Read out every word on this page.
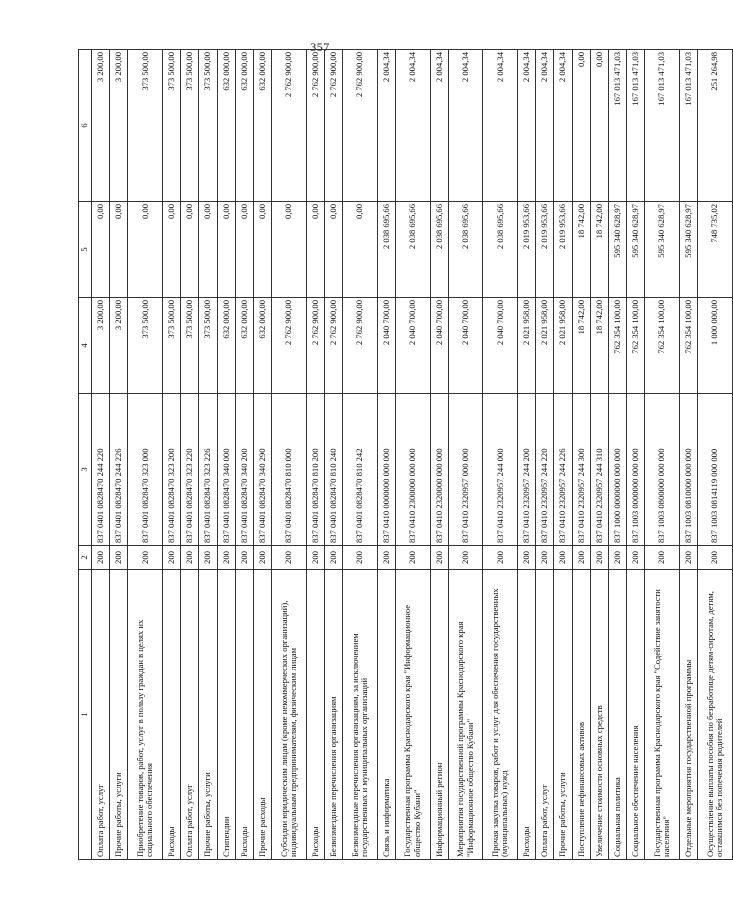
357
1	2	3	4	5	6
Оплата работ, услуг	200	837 0401 0828470 244 220	3 200,00	0,00	3 200,00
Прочие работы, услуги	200	837 0401 0828470 244 226	3 200,00	0,00	3 200,00
Приобретение товаров, работ, услуг в пользу граждан в целях их социального обеспечения	200	837 0401 0828470 323 000	373 500,00	0,00	373 500,00
Расходы	200	837 0401 0828470 323 200	373 500,00	0,00	373 500,00
Оплата работ, услуг	200	837 0401 0828470 323 220	373 500,00	0,00	373 500,00
Прочие работы, услуги	200	837 0401 0828470 323 226	373 500,00	0,00	373 500,00
Стипендии	200	837 0401 0828470 340 000	632 000,00	0,00	632 000,00
Расходы	200	837 0401 0828470 340 200	632 000,00	0,00	632 000,00
Прочие расходы	200	837 0401 0828470 340 290	632 000,00	0,00	632 000,00
Субсидии юридическим лицам (кроме некоммерческих организаций), индивидуальным предпринимателям, физическим лицам	200	837 0401 0828470 810 000	2 762 900,00	0,00	2 762 900,00
Расходы	200	837 0401 0828470 810 200	2 762 900,00	0,00	2 762 900,00
Безвозмездные перечисления организациям	200	837 0401 0828470 810 240	2 762 900,00	0,00	2 762 900,00
Безвозмездные перечисления организациям, за исключением государственных и муниципальных организаций	200	837 0401 0828470 810 242	2 762 900,00	0,00	2 762 900,00
Связь и информатика	200	837 0410 0000000 000 000	2 040 700,00	2 038 695,66	2 004,34
Государственная программа Краснодарского края "Информационное общество Кубани"	200	837 0410 2300000 000 000	2 040 700,00	2 038 695,66	2 004,34
Информационный регион	200	837 0410 2320000 000 000	2 040 700,00	2 038 695,66	2 004,34
Мероприятия государственной программы Краснодарского края "Информационное общество Кубани"	200	837 0410 2320957 000 000	2 040 700,00	2 038 695,66	2 004,34
Прочая закупка товаров, работ и услуг для обеспечения государственных (муниципальных) нужд	200	837 0410 2320957 244 000	2 040 700,00	2 038 695,66	2 004,34
Расходы	200	837 0410 2320957 244 200	2 021 958,00	2 019 953,66	2 004,34
Оплата работ, услуг	200	837 0410 2320957 244 220	2 021 958,00	2 019 953,66	2 004,34
Прочие работы, услуги	200	837 0410 2320957 244 226	2 021 958,00	2 019 953,66	2 004,34
Поступление нефинансовых активов	200	837 0410 2320957 244 300	18 742,00	18 742,00	0,00
Увеличение стоимости основных средств	200	837 0410 2320957 244 310	18 742,00	18 742,00	0,00
Социальная политика	200	837 1000 0000000 000 000	762 354 100,00	595 340 628,97	167 013 471,03
Социальное обеспечение населения	200	837 1003 0000000 000 000	762 354 100,00	595 340 628,97	167 013 471,03
Государственная программа Краснодарского края "Содействие занятости населения"	200	837 1003 0800000 000 000	762 354 100,00	595 340 628,97	167 013 471,03
Отдельные мероприятия государственной программы	200	837 1003 0810000 000 000	762 354 100,00	595 340 628,97	167 013 471,03
Осуществление выплаты пособия по безработице детям-сиротам, детям, оставшимся без попечения родителей	200	837 1003 0814119 000 000	1 000 000,00	748 735,02	251 264,98
